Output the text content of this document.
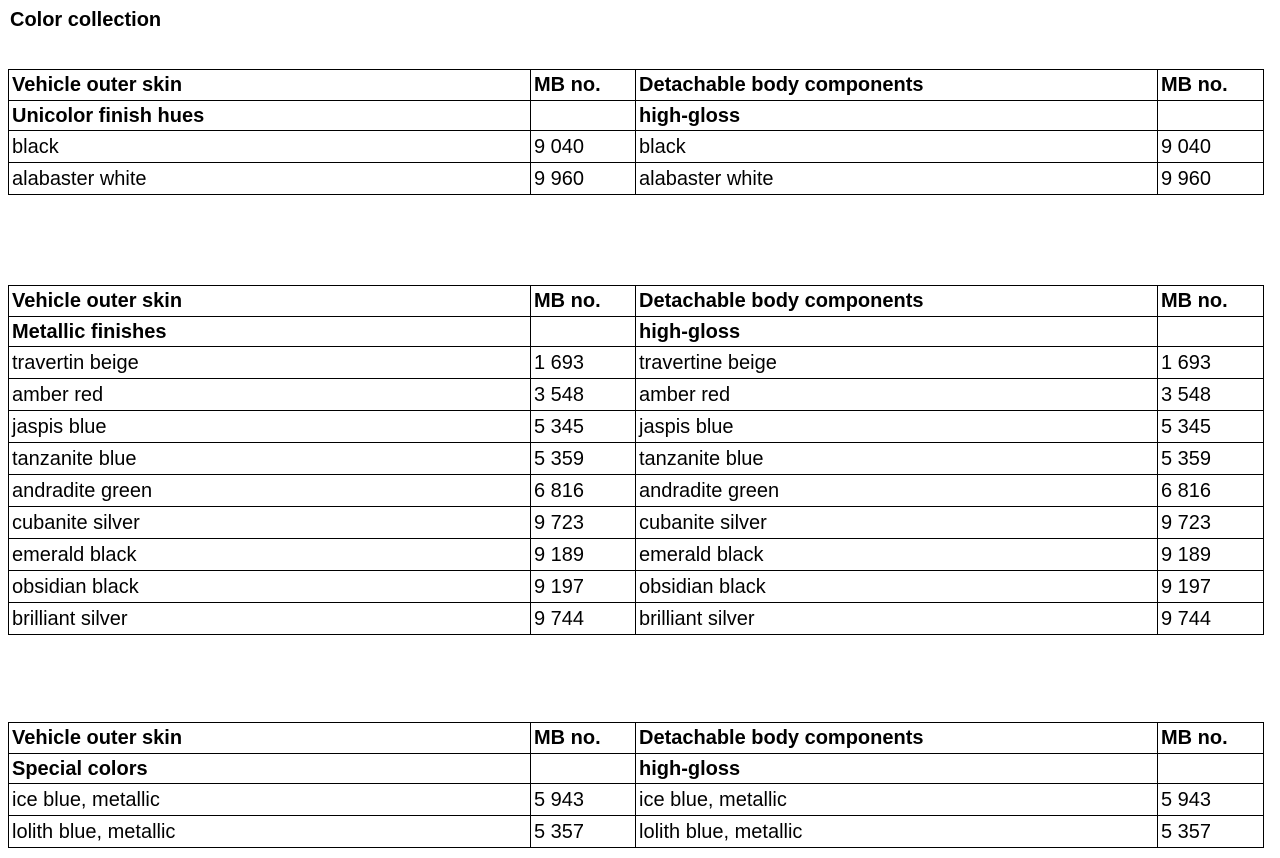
Color collection
Vehicle outer skin	MB no.	Detachable body components	MB no.
Unicolor finish hues		high-gloss	
black	9 040	black	9 040
alabaster white	9 960	alabaster white	9 960
Vehicle outer skin	MB no.	Detachable body components	MB no.
Metallic finishes		high-gloss	
travertin beige	1 693	travertine beige	1 693
amber red	3 548	amber red	3 548
jaspis blue	5 345	jaspis blue	5 345
tanzanite blue	5 359	tanzanite blue	5 359
andradite green	6 816	andradite green	6 816
cubanite silver	9 723	cubanite silver	9 723
emerald black	9 189	emerald black	9 189
obsidian black	9 197	obsidian black	9 197
brilliant silver	9 744	brilliant silver	9 744
Vehicle outer skin	MB no.	Detachable body components	MB no.
Special colors		high-gloss	
ice blue, metallic	5 943	ice blue, metallic	5 943
lolith blue, metallic	5 357	lolith blue, metallic	5 357
